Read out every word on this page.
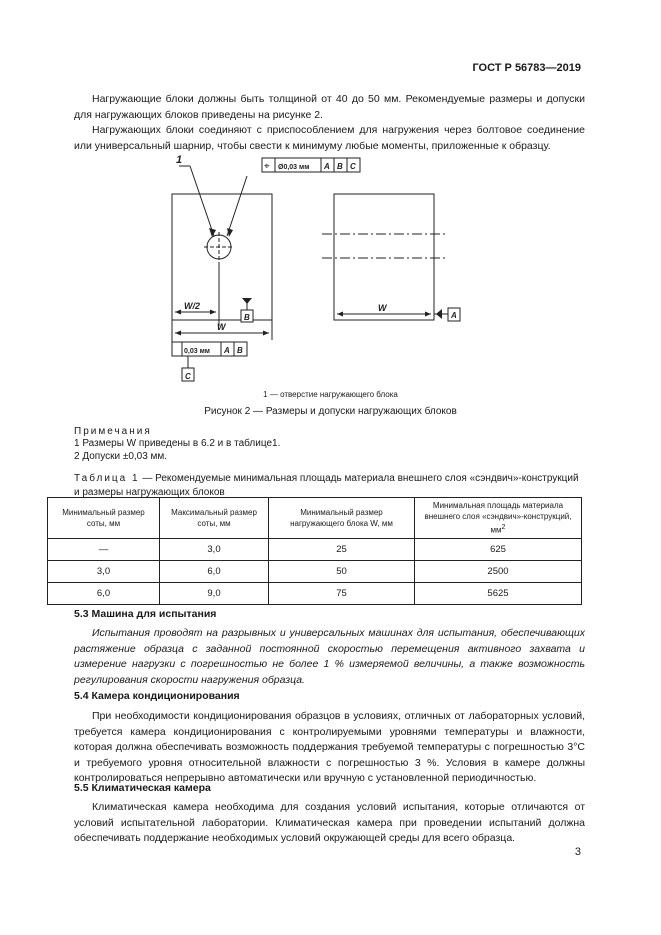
ГОСТ Р 56783—2019
Нагружающие блоки должны быть толщиной от 40 до 50 мм. Рекомендуемые размеры и допуски для нагружающих блоков приведены на рисунке 2.
Нагружающих блоки соединяют с приспособлением для нагружения через болтовое соединение или универсальный шарнир, чтобы свести к минимуму любые моменты, приложенные к образцу.
1
⌖ Ø0,03 мм A B C
W/2
W
B
0,03 мм A B
C
W
A
1 — отверстие нагружающего блока
Рисунок 2 — Размеры и допуски нагружающих блоков
Примечания
1 Размеры W приведены в 6.2 и в таблице1.
2 Допуски ±0,03 мм.
Таблица 1 — Рекомендуемые минимальная площадь материала внешнего слоя «сэндвич»-конструкций и размеры нагружающих блоков
Минимальный размер соты, мм	Максимальный размер соты, мм	Минимальный размер нагружающего блока W, мм	Минимальная площадь материала внешнего слоя «сэндвич»-конструкций, $мм^2$
—	3,0	25	625
3,0	6,0	50	2500
6,0	9,0	75	5625
5.3 Машина для испытания
Испытания проводят на разрывных и универсальных машинах для испытания, обеспечивающих растяжение образца с заданной постоянной скоростью перемещения активного захвата и измерение нагрузки с погрешностью не более 1 % измеряемой величины, а также возможность регулирования скорости нагружения образца.
5.4 Камера кондиционирования
При необходимости кондиционирования образцов в условиях, отличных от лабораторных условий, требуется камера кондиционирования с контролируемыми уровнями температуры и влажности, которая должна обеспечивать возможность поддержания требуемой температуры с погрешностью 3°С и требуемого уровня относительной влажности с погрешностью 3 %. Условия в камере должны контролироваться непрерывно автоматически или вручную с установленной периодичностью.
5.5 Климатическая камера
Климатическая камера необходима для создания условий испытания, которые отличаются от условий испытательной лаборатории. Климатическая камера при проведении испытаний должна обеспечивать поддержание необходимых условий окружающей среды для всего образца.
3
